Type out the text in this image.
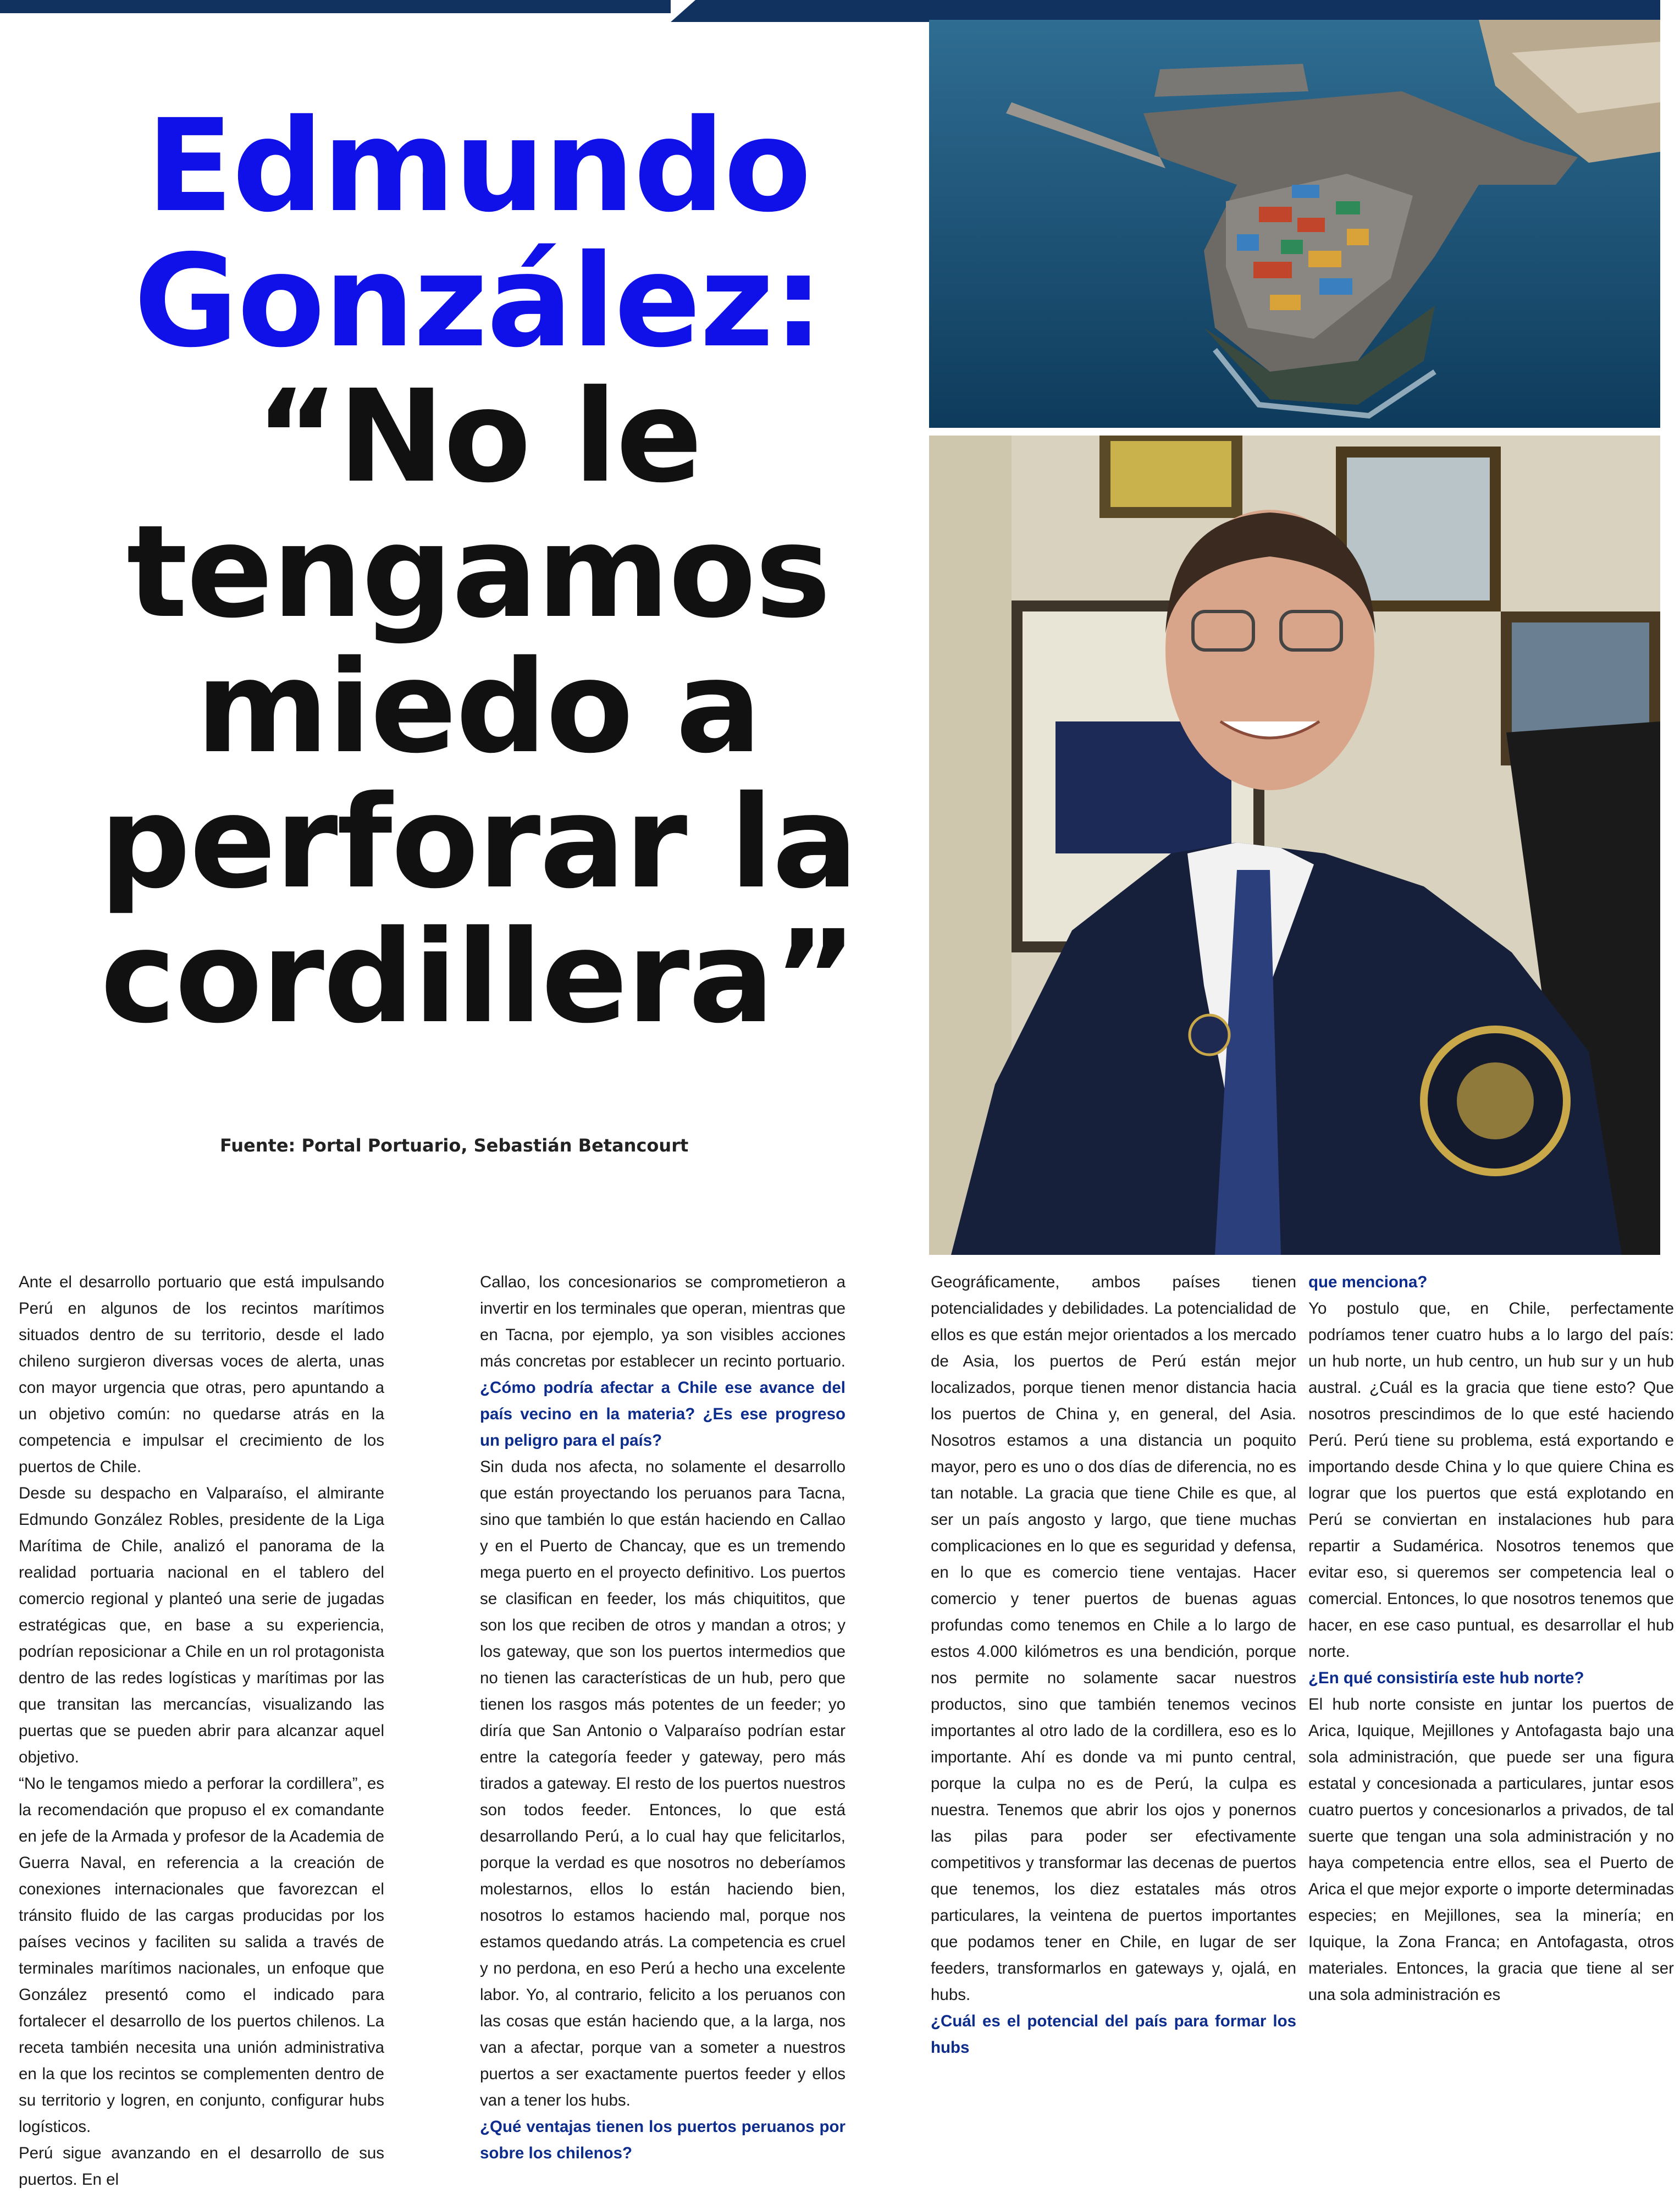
Edmundo
González:
“No le
tengamos
miedo a
perforar la
cordillera”
Fuente: Portal Portuario, Sebastián Betancourt

Ante el desarrollo portuario que está impulsando Perú en algunos de los recintos marítimos situados dentro de su territorio, desde el lado chileno surgieron diversas voces de alerta, unas con mayor urgencia que otras, pero apuntando a un objetivo común: no quedarse atrás en la competencia e impulsar el crecimiento de los puertos de Chile.

Desde su despacho en Valparaíso, el almirante Edmundo González Robles, presidente de la Liga Marítima de Chile, analizó el panorama de la realidad portuaria nacional en el tablero del comercio regional y planteó una serie de jugadas estratégicas que, en base a su experiencia, podrían reposicionar a Chile en un rol protagonista dentro de las redes logísticas y marítimas por las que transitan las mercancías, visualizando las puertas que se pueden abrir para alcanzar aquel objetivo.

“No le tengamos miedo a perforar la cordillera”, es la recomendación que propuso el ex comandante en jefe de la Armada y profesor de la Academia de Guerra Naval, en referencia a la creación de conexiones internacionales que favorezcan el tránsito fluido de las cargas producidas por los países vecinos y faciliten su salida a través de terminales marítimos nacionales, un enfoque que González presentó como el indicado para fortalecer el desarrollo de los puertos chilenos. La receta también necesita una unión administrativa en la que los recintos se complementen dentro de su territorio y logren, en conjunto, configurar hubs logísticos.

Perú sigue avanzando en el desarrollo de sus puertos. En el

Callao, los concesionarios se comprometieron a invertir en los terminales que operan, mientras que en Tacna, por ejemplo, ya son visibles acciones más concretas por establecer un recinto portuario. ¿Cómo podría afectar a Chile ese avance del país vecino en la materia? ¿Es ese progreso un peligro para el país?

Sin duda nos afecta, no solamente el desarrollo que están proyectando los peruanos para Tacna, sino que también lo que están haciendo en Callao y en el Puerto de Chancay, que es un tremendo mega puerto en el proyecto definitivo. Los puertos se clasifican en feeder, los más chiquititos, que son los que reciben de otros y mandan a otros; y los gateway, que son los puertos intermedios que no tienen las características de un hub, pero que tienen los rasgos más potentes de un feeder; yo diría que San Antonio o Valparaíso podrían estar entre la categoría feeder y gateway, pero más tirados a gateway. El resto de los puertos nuestros son todos feeder. Entonces, lo que está desarrollando Perú, a lo cual hay que felicitarlos, porque la verdad es que nosotros no deberíamos molestarnos, ellos lo están haciendo bien, nosotros lo estamos haciendo mal, porque nos estamos quedando atrás. La competencia es cruel y no perdona, en eso Perú a hecho una excelente labor. Yo, al contrario, felicito a los peruanos con las cosas que están haciendo que, a la larga, nos van a afectar, porque van a someter a nuestros puertos a ser exactamente puertos feeder y ellos van a tener los hubs.

¿Qué ventajas tienen los puertos peruanos por sobre los chilenos?

Geográficamente, ambos países tienen potencialidades y debilidades. La potencialidad de ellos es que están mejor orientados a los mercado de Asia, los puertos de Perú están mejor localizados, porque tienen menor distancia hacia los puertos de China y, en general, del Asia. Nosotros estamos a una distancia un poquito mayor, pero es uno o dos días de diferencia, no es tan notable. La gracia que tiene Chile es que, al ser un país angosto y largo, que tiene muchas complicaciones en lo que es seguridad y defensa, en lo que es comercio tiene ventajas. Hacer comercio y tener puertos de buenas aguas profundas como tenemos en Chile a lo largo de estos 4.000 kilómetros es una bendición, porque nos permite no solamente sacar nuestros productos, sino que también tenemos vecinos importantes al otro lado de la cordillera, eso es lo importante. Ahí es donde va mi punto central, porque la culpa no es de Perú, la culpa es nuestra. Tenemos que abrir los ojos y ponernos las pilas para poder ser efectivamente competitivos y transformar las decenas de puertos que tenemos, los diez estatales más otros particulares, la veintena de puertos importantes que podamos tener en Chile, en lugar de ser feeders, transformarlos en gateways y, ojalá, en hubs.

¿Cuál es el potencial del país para formar los hubs

que menciona?

Yo postulo que, en Chile, perfectamente podríamos tener cuatro hubs a lo largo del país: un hub norte, un hub centro, un hub sur y un hub austral. ¿Cuál es la gracia que tiene esto? Que nosotros prescindimos de lo que esté haciendo Perú. Perú tiene su problema, está exportando e importando desde China y lo que quiere China es lograr que los puertos que está explotando en Perú se conviertan en instalaciones hub para repartir a Sudamérica. Nosotros tenemos que evitar eso, si queremos ser competencia leal o comercial. Entonces, lo que nosotros tenemos que hacer, en ese caso puntual, es desarrollar el hub norte.

¿En qué consistiría este hub norte?

El hub norte consiste en juntar los puertos de Arica, Iquique, Mejillones y Antofagasta bajo una sola administración, que puede ser una figura estatal y concesionada a particulares, juntar esos cuatro puertos y concesionarlos a privados, de tal suerte que tengan una sola administración y no haya competencia entre ellos, sea el Puerto de Arica el que mejor exporte o importe determinadas especies; en Mejillones, sea la minería; en Iquique, la Zona Franca; en Antofagasta, otros materiales. Entonces, la gracia que tiene al ser una sola administración es
